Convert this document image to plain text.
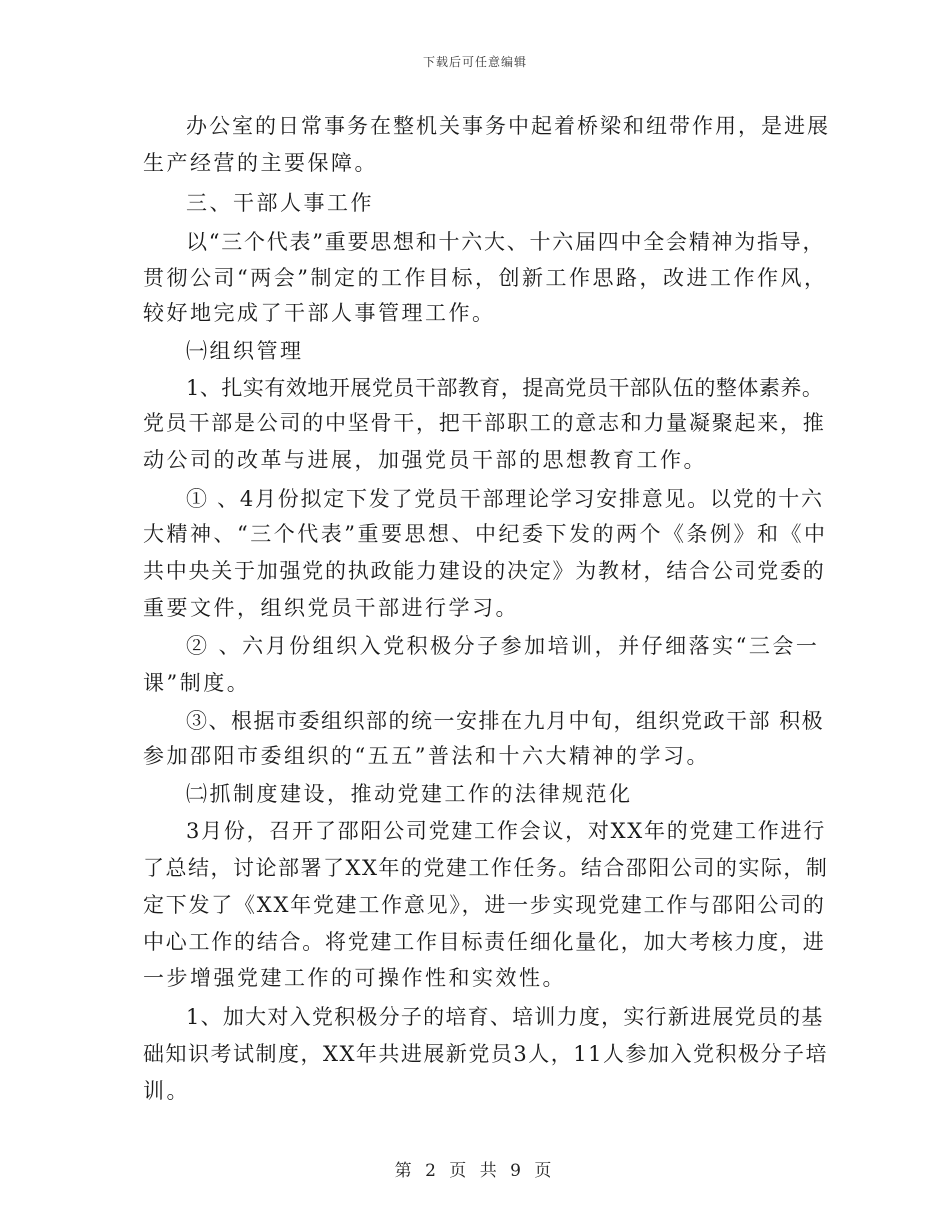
下载后可任意编辑
办公室的日常事务在整机关事务中起着桥梁和纽带作用，是进展
生产经营的主要保障。
三、干部人事工作
以“三个代表”重要思想和十六大、十六届四中全会精神为指导，
贯彻公司“两会”制定的工作目标，创新工作思路，改进工作作风，
较好地完成了干部人事管理工作。
㈠组织管理
1、扎实有效地开展党员干部教育，提高党员干部队伍的整体素养。
党员干部是公司的中坚骨干，把干部职工的意志和力量凝聚起来，推
动公司的改革与进展，加强党员干部的思想教育工作。
① 、4月份拟定下发了党员干部理论学习安排意见。以党的十六
大精神、“三个代表”重要思想、中纪委下发的两个《条例》和《中
共中央关于加强党的执政能力建设的决定》为教材，结合公司党委的
重要文件，组织党员干部进行学习。
② 、六月份组织入党积极分子参加培训，并仔细落实“三会一
课”制度。
③、根据市委组织部的统一安排在九月中旬，组织党政干部 积极
参加邵阳市委组织的“五五”普法和十六大精神的学习。
㈡抓制度建设，推动党建工作的法律规范化
3月份，召开了邵阳公司党建工作会议，对XX年的党建工作进行
了总结，讨论部署了XX年的党建工作任务。结合邵阳公司的实际，制
定下发了《XX年党建工作意见》，进一步实现党建工作与邵阳公司的
中心工作的结合。将党建工作目标责任细化量化，加大考核力度，进
一步增强党建工作的可操作性和实效性。
1、加大对入党积极分子的培育、培训力度，实行新进展党员的基
础知识考试制度，XX年共进展新党员3人，11人参加入党积极分子培
训。
第 2 页 共 9 页
